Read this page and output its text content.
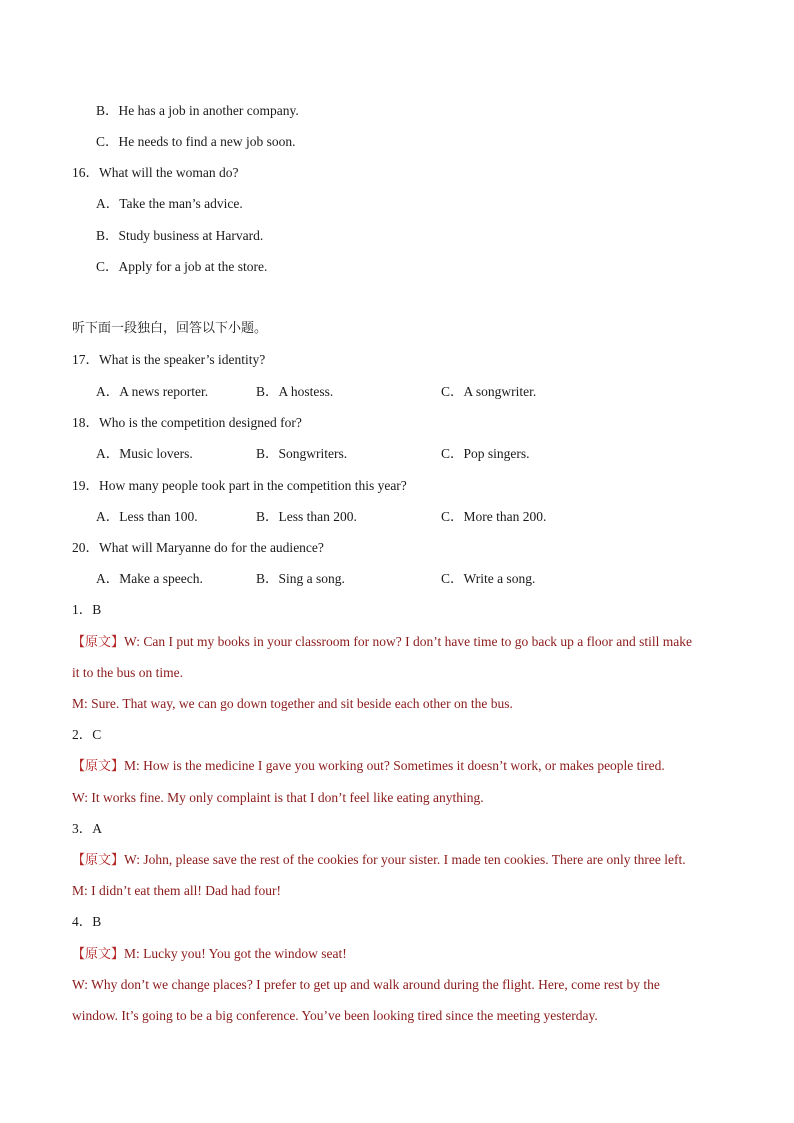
B．He has a job in another company.
C．He needs to find a new job soon.
16．What will the woman do?
A．Take the man’s advice.
B．Study business at Harvard.
C．Apply for a job at the store.
听下面一段独白，回答以下小题。
17．What is the speaker’s identity?
A．A news reporter.	B．A hostess.	C．A songwriter.
18．Who is the competition designed for?
A．Music lovers.	B．Songwriters.	C．Pop singers.
19．How many people took part in the competition this year?
A．Less than 100.	B．Less than 200.	C．More than 200.
20．What will Maryanne do for the audience?
A．Make a speech.	B．Sing a song.	C．Write a song.
1．B
【原文】W: Can I put my books in your classroom for now? I don’t have time to go back up a floor and still make
it to the bus on time.
M: Sure. That way, we can go down together and sit beside each other on the bus.
2．C
【原文】M: How is the medicine I gave you working out? Sometimes it doesn’t work, or makes people tired.
W: It works fine. My only complaint is that I don’t feel like eating anything.
3．A
【原文】W: John, please save the rest of the cookies for your sister. I made ten cookies. There are only three left.
M: I didn’t eat them all! Dad had four!
4．B
【原文】M: Lucky you! You got the window seat!
W: Why don’t we change places? I prefer to get up and walk around during the flight. Here, come rest by the
window. It’s going to be a big conference. You’ve been looking tired since the meeting yesterday.
